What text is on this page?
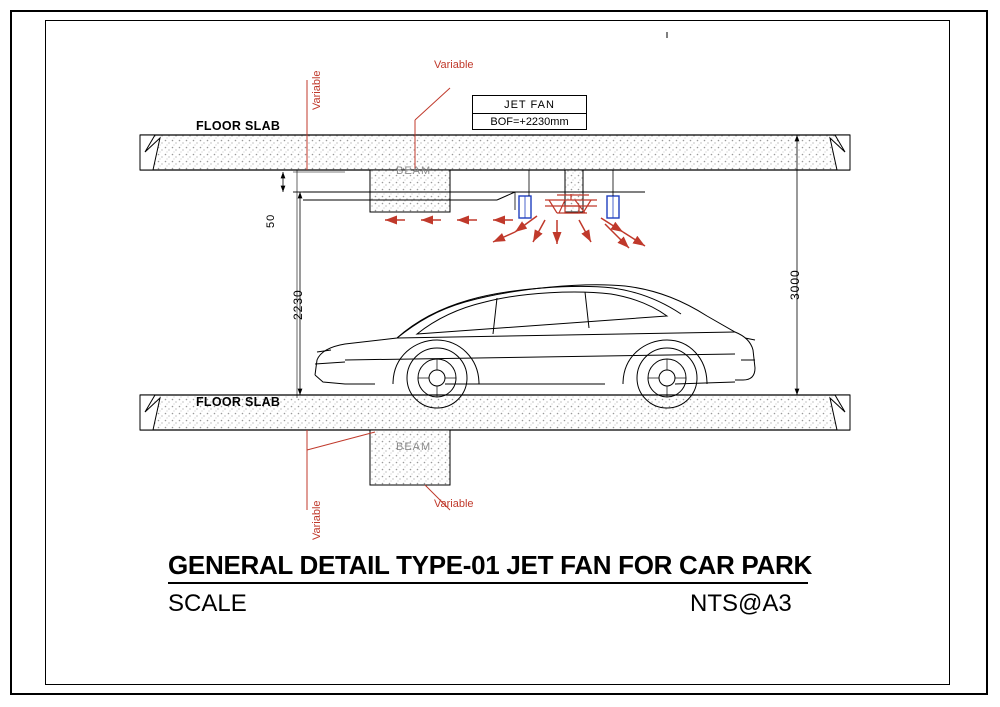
FLOOR SLAB
FLOOR SLAB
BEAM
BEAM
Variable
Variable
Variable
Variable
3000
2230
50
JET FAN
BOF=+2230mm
GENERAL DETAIL TYPE-01 JET FAN FOR CAR PARK
SCALE	NTS@A3
